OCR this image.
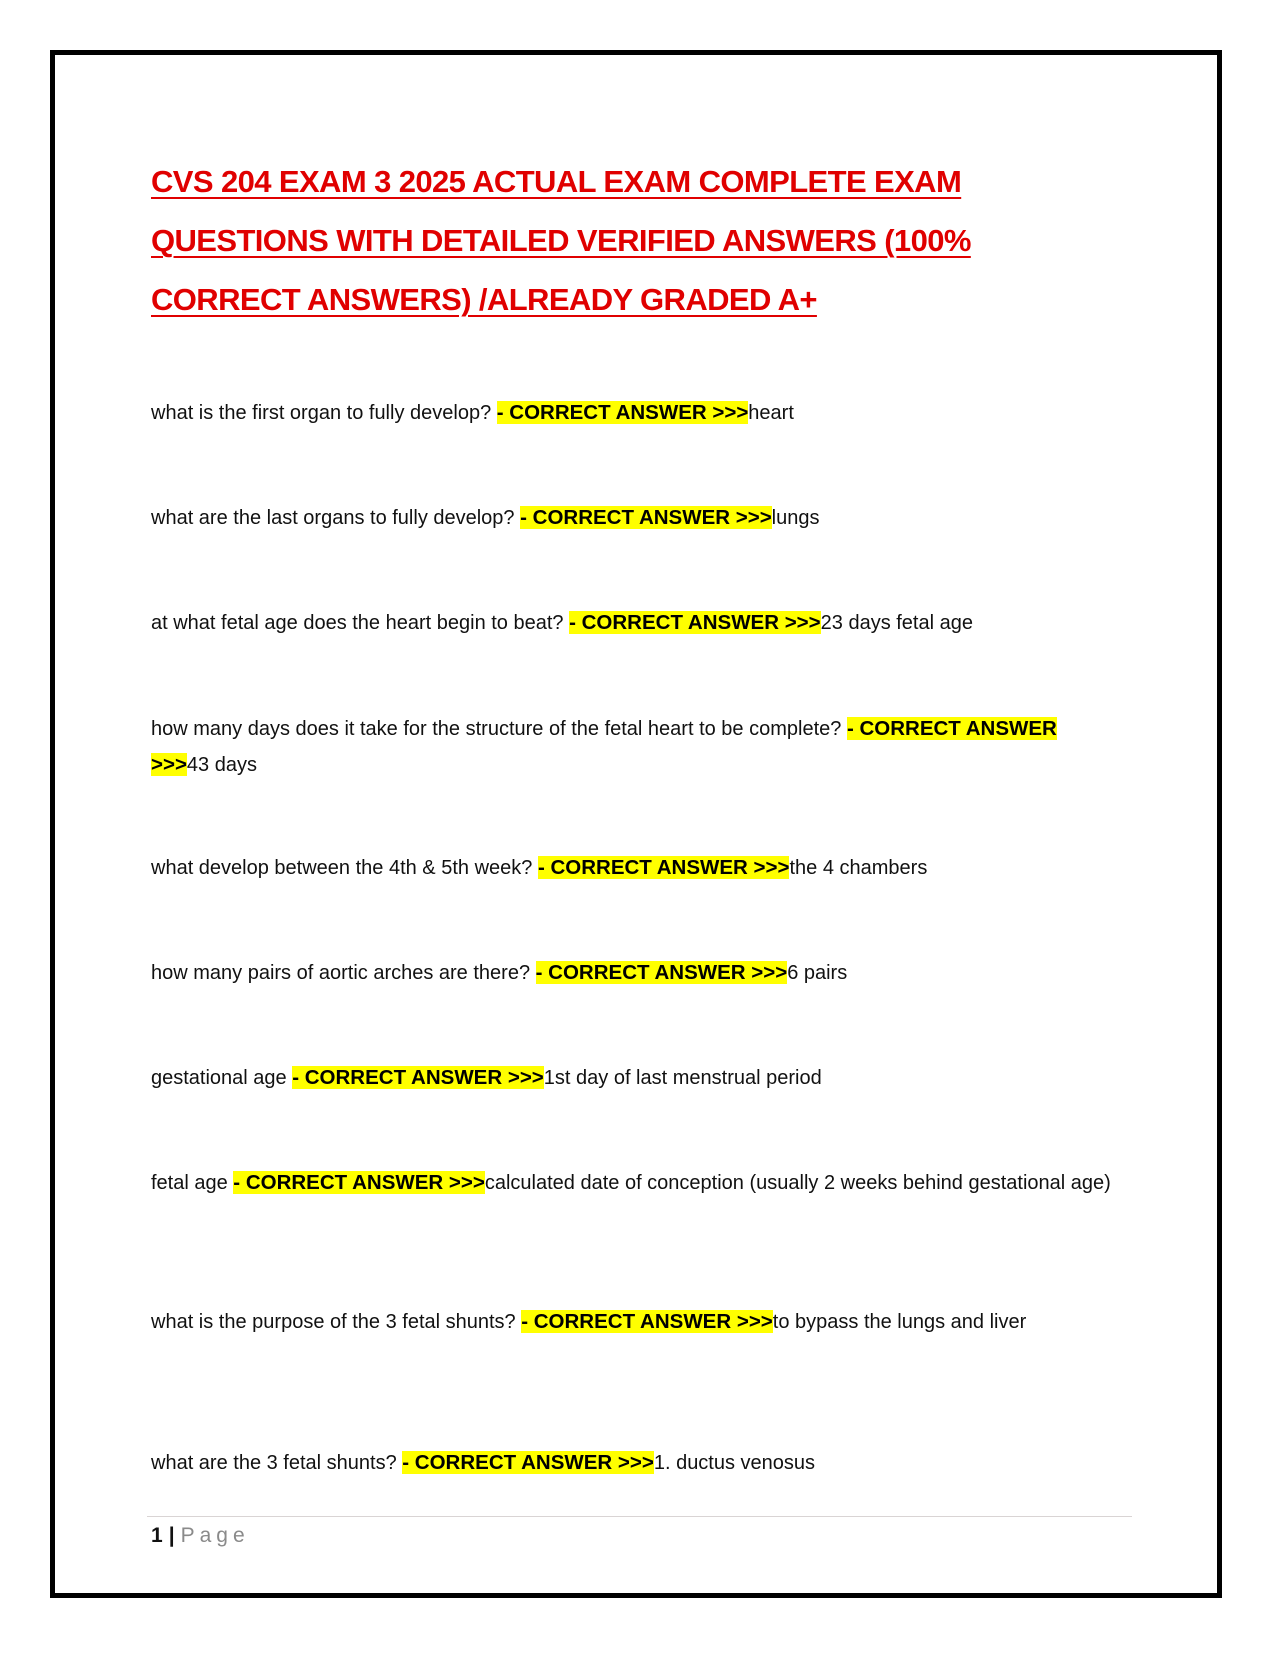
CVS 204 EXAM 3 2025 ACTUAL EXAM COMPLETE EXAM QUESTIONS WITH DETAILED VERIFIED ANSWERS (100% CORRECT ANSWERS) /ALREADY GRADED A+

what is the first organ to fully develop? - CORRECT ANSWER >>>heart

what are the last organs to fully develop? - CORRECT ANSWER >>>lungs

at what fetal age does the heart begin to beat? - CORRECT ANSWER >>>23 days fetal age

how many days does it take for the structure of the fetal heart to be complete? - CORRECT ANSWER >>>43 days

what develop between the 4th & 5th week? - CORRECT ANSWER >>>the 4 chambers

how many pairs of aortic arches are there? - CORRECT ANSWER >>>6 pairs

gestational age - CORRECT ANSWER >>>1st day of last menstrual period

fetal age - CORRECT ANSWER >>>calculated date of conception (usually 2 weeks behind gestational age)

what is the purpose of the 3 fetal shunts? - CORRECT ANSWER >>>to bypass the lungs and liver

what are the 3 fetal shunts? - CORRECT ANSWER >>>1. ductus venosus

1 | Page
